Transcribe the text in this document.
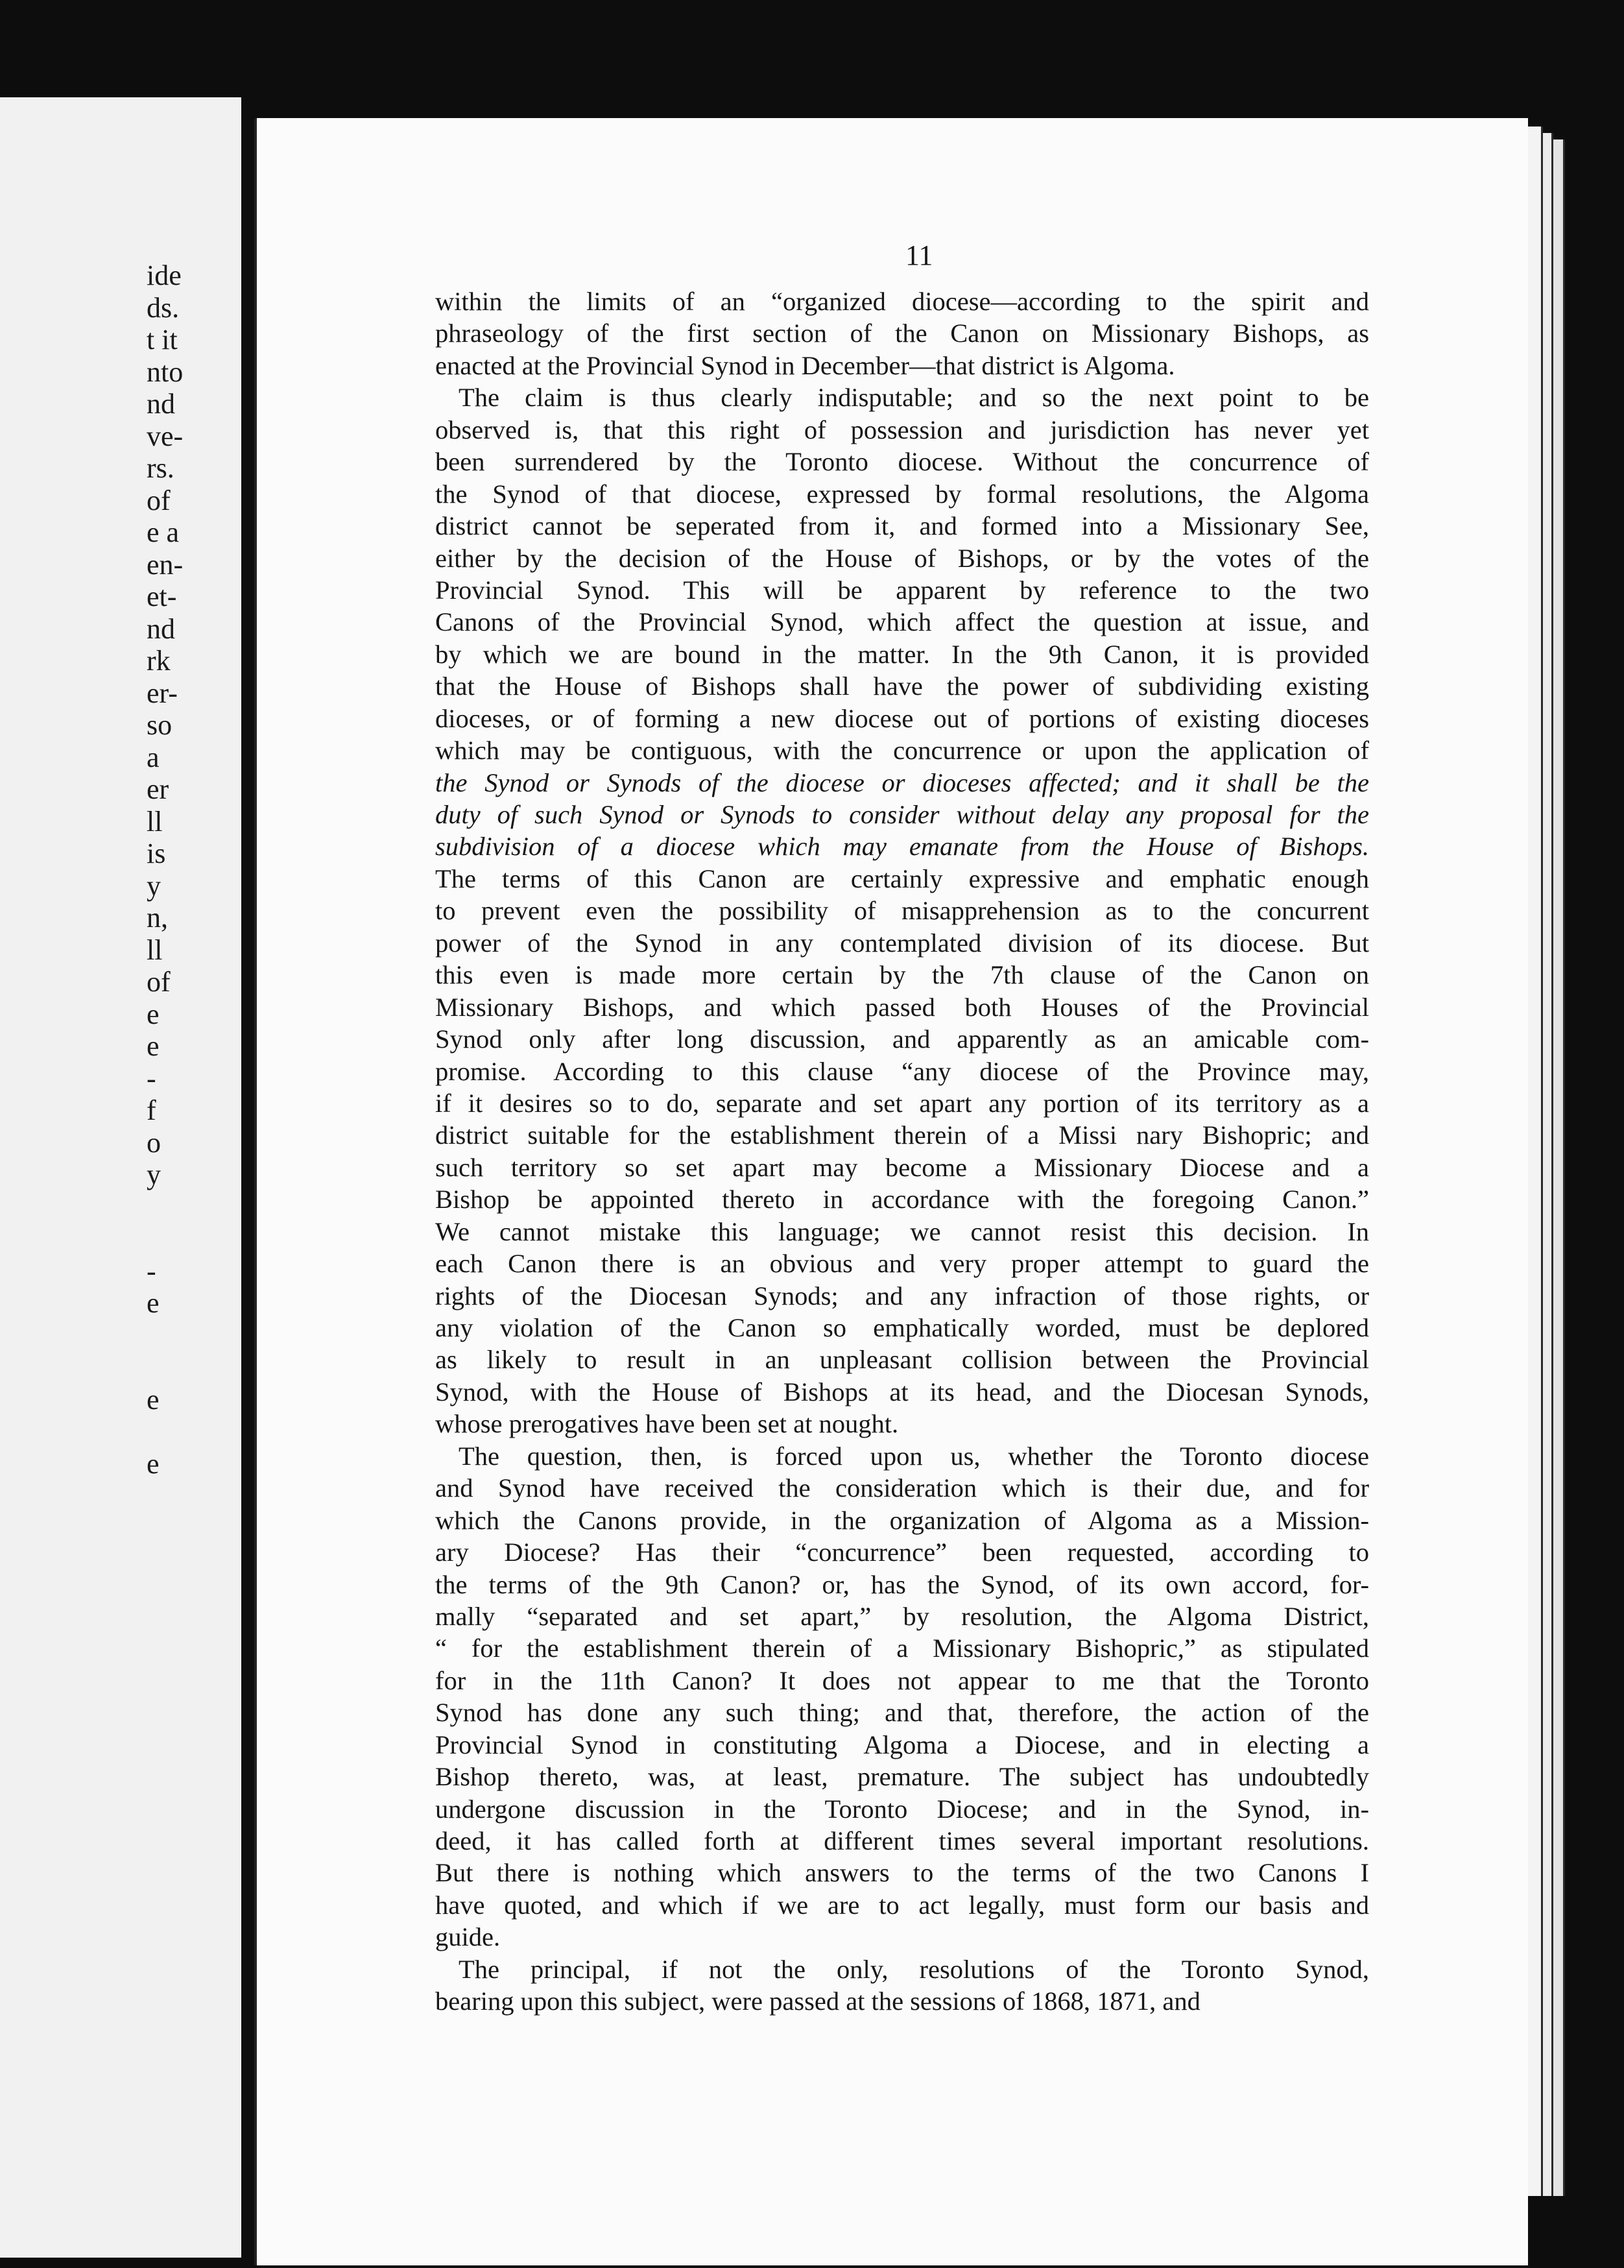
ide
ds.
t it
nto
nd
ve-
rs.
of
e a
en-
et-
nd
rk
er-
so
a
er
ll
is
y
n,
ll
of
e
e
-
f
o
y
-
e
e
e
11
within the limits of an “organized diocese—according to the spirit and
phraseology of the first section of the Canon on Missionary Bishops, as
enacted at the Provincial Synod in December—that district is Algoma.
The claim is thus clearly indisputable; and so the next point to be
observed is, that this right of possession and jurisdiction has never yet
been surrendered by the Toronto diocese. Without the concurrence of
the Synod of that diocese, expressed by formal resolutions, the Algoma
district cannot be seperated from it, and formed into a Missionary See,
either by the decision of the House of Bishops, or by the votes of the
Provincial Synod. This will be apparent by reference to the two
Canons of the Provincial Synod, which affect the question at issue, and
by which we are bound in the matter. In the 9th Canon, it is provided
that the House of Bishops shall have the power of subdividing existing
dioceses, or of forming a new diocese out of portions of existing dioceses
which may be contiguous, with the concurrence or upon the application of
the Synod or Synods of the diocese or dioceses affected; and it shall be the
duty of such Synod or Synods to consider without delay any proposal for the
subdivision of a diocese which may emanate from the House of Bishops.
The terms of this Canon are certainly expressive and emphatic enough
to prevent even the possibility of misapprehension as to the concurrent
power of the Synod in any contemplated division of its diocese. But
this even is made more certain by the 7th clause of the Canon on
Missionary Bishops, and which passed both Houses of the Provincial
Synod only after long discussion, and apparently as an amicable com-
promise. According to this clause “any diocese of the Province may,
if it desires so to do, separate and set apart any portion of its territory as a
district suitable for the establishment therein of a Missi nary Bishopric; and
such territory so set apart may become a Missionary Diocese and a
Bishop be appointed thereto in accordance with the foregoing Canon.”
We cannot mistake this language; we cannot resist this decision. In
each Canon there is an obvious and very proper attempt to guard the
rights of the Diocesan Synods; and any infraction of those rights, or
any violation of the Canon so emphatically worded, must be deplored
as likely to result in an unpleasant collision between the Provincial
Synod, with the House of Bishops at its head, and the Diocesan Synods,
whose prerogatives have been set at nought.
The question, then, is forced upon us, whether the Toronto diocese
and Synod have received the consideration which is their due, and for
which the Canons provide, in the organization of Algoma as a Mission-
ary Diocese? Has their “concurrence” been requested, according to
the terms of the 9th Canon? or, has the Synod, of its own accord, for-
mally “separated and set apart,” by resolution, the Algoma District,
“ for the establishment therein of a Missionary Bishopric,” as stipulated
for in the 11th Canon? It does not appear to me that the Toronto
Synod has done any such thing; and that, therefore, the action of the
Provincial Synod in constituting Algoma a Diocese, and in electing a
Bishop thereto, was, at least, premature. The subject has undoubtedly
undergone discussion in the Toronto Diocese; and in the Synod, in-
deed, it has called forth at different times several important resolutions.
But there is nothing which answers to the terms of the two Canons I
have quoted, and which if we are to act legally, must form our basis and
guide.
The principal, if not the only, resolutions of the Toronto Synod,
bearing upon this subject, were passed at the sessions of 1868, 1871, and
